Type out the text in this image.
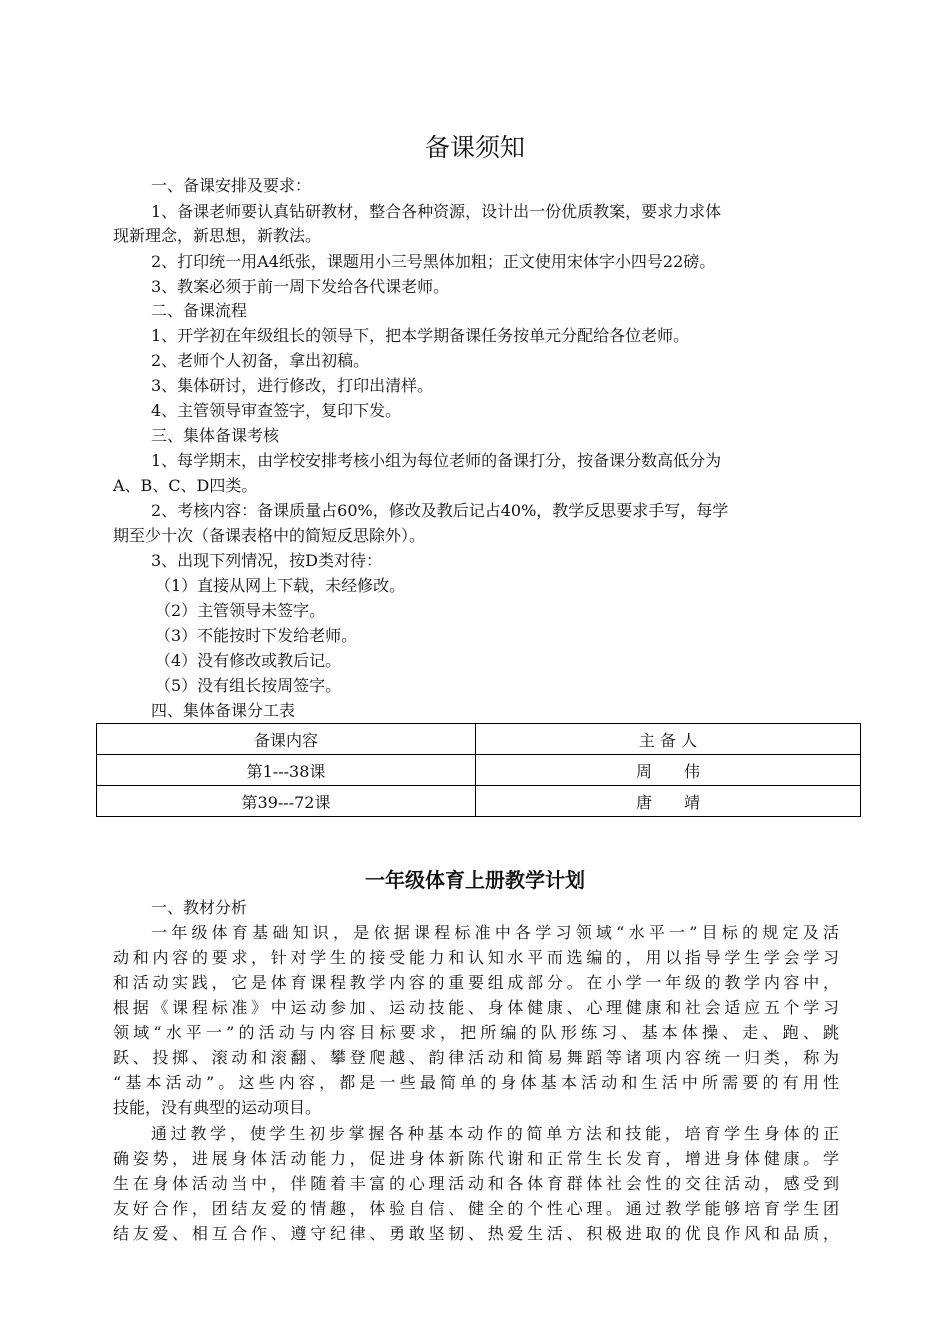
备课须知
一、备课安排及要求：
1、备课老师要认真钻研教材，整合各种资源，设计出一份优质教案，要求力求体
现新理念，新思想，新教法。
2、打印统一用A4纸张，课题用小三号黑体加粗；正文使用宋体字小四号22磅。
3、教案必须于前一周下发给各代课老师。
二、备课流程
1、开学初在年级组长的领导下，把本学期备课任务按单元分配给各位老师。
2、老师个人初备，拿出初稿。
3、集体研讨，进行修改，打印出清样。
4、主管领导审查签字，复印下发。
三、集体备课考核
1、每学期末，由学校安排考核小组为每位老师的备课打分，按备课分数高低分为
A、B、C、D四类。
2、考核内容：备课质量占60%，修改及教后记占40%，教学反思要求手写，每学
期至少十次（备课表格中的简短反思除外）。
3、出现下列情况，按D类对待：
（1）直接从网上下载，未经修改。
（2）主管领导未签字。
（3）不能按时下发给老师。
（4）没有修改或教后记。
（5）没有组长按周签字。
四、集体备课分工表
备课内容	主 备 人
第1---38课	周　　伟
第39---72课	唐　　靖
一年级体育上册教学计划
一、教材分析
一年级体育基础知识，是依据课程标准中各学习领域“水平一”目标的规定及活
动和内容的要求，针对学生的接受能力和认知水平而选编的，用以指导学生学会学习
和活动实践，它是体育课程教学内容的重要组成部分。在小学一年级的教学内容中，
根据《课程标准》中运动参加、运动技能、身体健康、心理健康和社会适应五个学习
领域“水平一”的活动与内容目标要求，把所编的队形练习、基本体操、走、跑、跳
跃、投掷、滚动和滚翻、攀登爬越、韵律活动和简易舞蹈等诸项内容统一归类，称为
“基本活动”。这些内容，都是一些最简单的身体基本活动和生活中所需要的有用性
技能，没有典型的运动项目。
通过教学，使学生初步掌握各种基本动作的简单方法和技能，培育学生身体的正
确姿势，进展身体活动能力，促进身体新陈代谢和正常生长发育，增进身体健康。学
生在身体活动当中，伴随着丰富的心理活动和各体育群体社会性的交往活动，感受到
友好合作，团结友爱的情趣，体验自信、健全的个性心理。通过教学能够培育学生团
结友爱、相互合作、遵守纪律、勇敢坚韧、热爱生活、积极进取的优良作风和品质，
